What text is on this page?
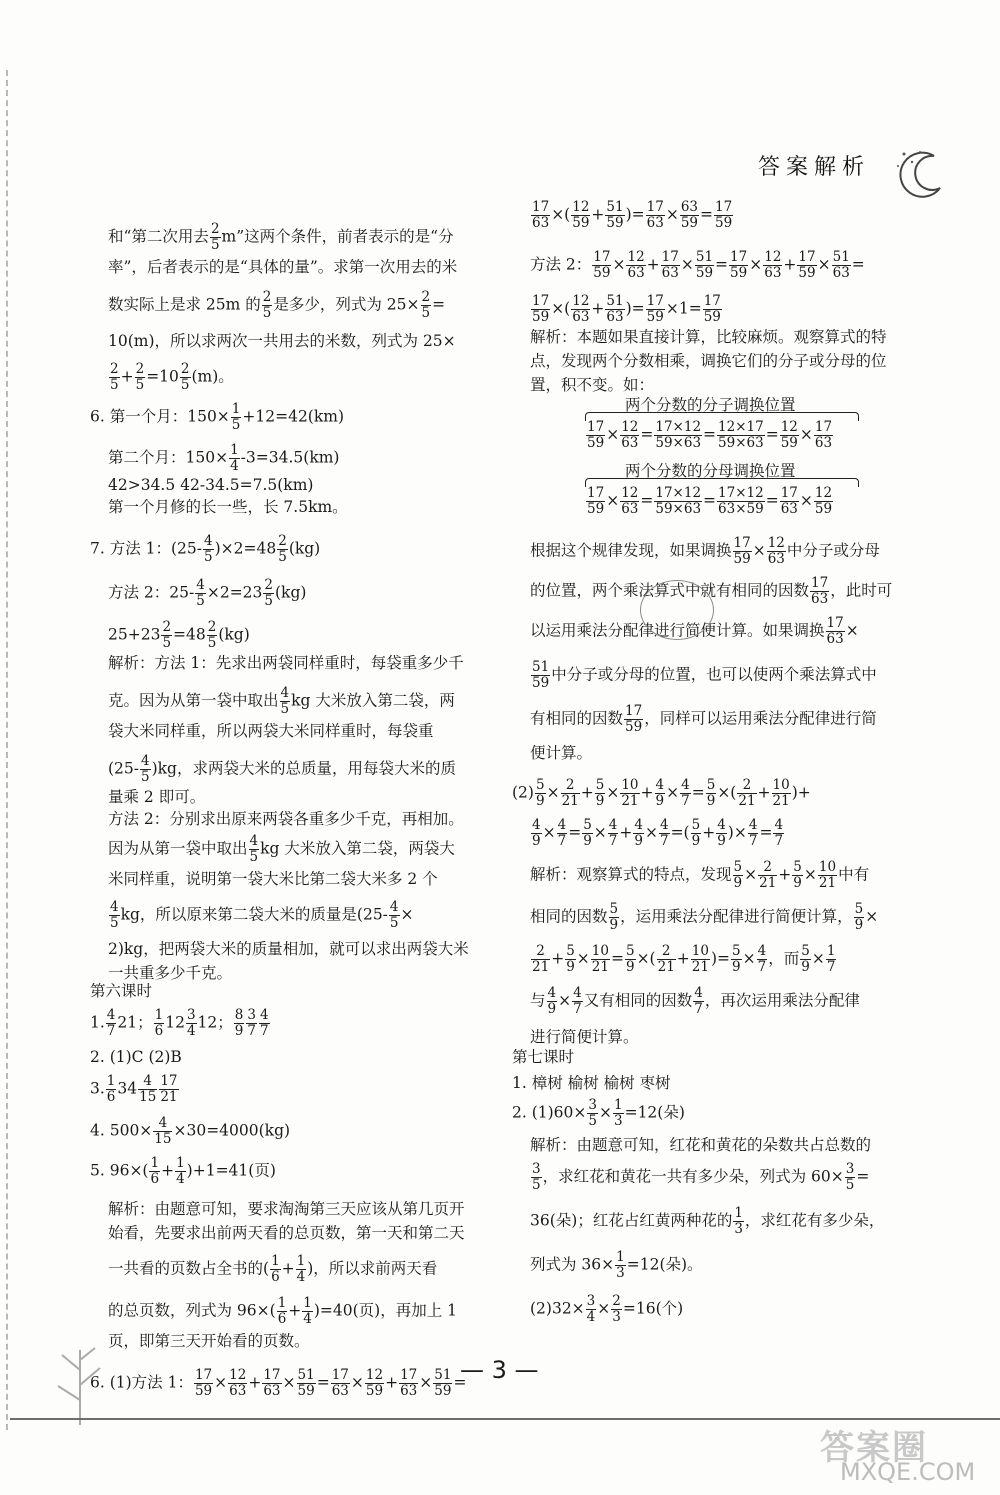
答案解析
和“第二次用去 $\frac{2}{5} m$”这两个条件，前者表示的是“分
率”，后者表示的是“具体的量”。求第一次用去的米
数实际上是求 25m 的 $\frac{2}{5}$ 是多少，列式为 $25\times \frac{2}{5}$ =
10(m)，所以求两次一共用去的米数，列式为 25×
$\frac{2}{5} + \frac{2}{5} =10 \frac{2}{5} (m)$。
6. 第一个月：$150\times \frac{1}{5} +12=42(km)$
第二个月：$150\times \frac{1}{4} -3=34.5(km)$
42>34.5 42-34.5=7.5(km)
第一个月修的长一些，长 7.5km。
7. 方法 1：$(25- \frac{4}{5} )\times 2=48 \frac{2}{5} (kg)$
方法 2：$25- \frac{4}{5} \times 2=23 \frac{2}{5} (kg)$
$25+23 \frac{2}{5} =48 \frac{2}{5} (kg)$
解析：方法 1：先求出两袋同样重时，每袋重多少千
克。因为从第一袋中取出 $\frac{4}{5}$ kg 大米放入第二袋，两
袋大米同样重，所以两袋大米同样重时，每袋重
$(25- \frac{4}{5} )kg$，求两袋大米的总质量，用每袋大米的质
量乘 2 即可。
方法 2：分别求出原来两袋各重多少千克，再相加。
因为从第一袋中取出 $\frac{4}{5}$ kg 大米放入第二袋，两袋大
米同样重，说明第一袋大米比第二袋大米多 2 个
$\frac{4}{5}$ kg，所以原来第二袋大米的质量是($25- \frac{4}{5}$ ×
2)kg，把两袋大米的质量相加，就可以求出两袋大米
一共重多少千克。
第六课时
1. $\frac{4}{7} 21$； $\frac{1}{6} 12 \frac{3}{4} 12$； $\frac{8}{9} \frac{3}{7} \frac{4}{7}$
2. (1)C (2)B
3. $\frac{1}{6} 34 \frac{4}{15} \frac{17}{21}$
4. $500\times \frac{4}{15} \times 30=4000(kg)$
5. $96\times( \frac{1}{6} + \frac{1}{4} )+1=41$(页)
解析：由题意可知，要求淘淘第三天应该从第几页开
始看，先要求出前两天看的总页数，第一天和第二天
一共看的页数占全书的( $\frac{1}{6} + \frac{1}{4}$ )，所以求前两天看
的总页数，列式为 $96\times( \frac{1}{6} + \frac{1}{4} )=40$(页)，再加上 1
页，即第三天开始看的页数。
6. (1)方法 1： $\frac{17}{59} \times \frac{12}{63} + \frac{17}{63} \times \frac{51}{59} = \frac{17}{63} \times \frac{12}{59} + \frac{17}{63} \times \frac{51}{59}$ =
$\frac{17}{63}$ ×( $\frac{12}{59} + \frac{51}{59}$ )= $\frac{17}{63} \times \frac{63}{59} = \frac{17}{59}$
方法 2： $\frac{17}{59} \times \frac{12}{63} + \frac{17}{63} \times \frac{51}{59} = \frac{17}{59} \times \frac{12}{63} + \frac{17}{59} \times \frac{51}{63}$ =
$\frac{17}{59}$ ×( $\frac{12}{63} + \frac{51}{63}$ )= $\frac{17}{59} \times 1= \frac{17}{59}$
解析：本题如果直接计算，比较麻烦。观察算式的特
点，发现两个分数相乘，调换它们的分子或分母的位
置，积不变。如：
两个分数的分子调换位置
$\frac{17}{59} \times \frac{12}{63} = \frac{17\times 12}{59\times 63} = \frac{12\times 17}{59\times 63} = \frac{12}{59} \times \frac{17}{63}$
两个分数的分母调换位置
$\frac{17}{59} \times \frac{12}{63} = \frac{17\times 12}{59\times 63} = \frac{17\times 12}{63\times 59} = \frac{17}{63} \times \frac{12}{59}$
根据这个规律发现，如果调换 $\frac{17}{59} \times \frac{12}{63}$ 中分子或分母
的位置，两个乘法算式中就有相同的因数 $\frac{17}{63}$ ，此时可
以运用乘法分配律进行简便计算。如果调换 $\frac{17}{63}$ ×
$\frac{51}{59}$ 中分子或分母的位置，也可以使两个乘法算式中
有相同的因数 $\frac{17}{59}$ ，同样可以运用乘法分配律进行简
便计算。
$(2) \frac{5}{9} \times \frac{2}{21} + \frac{5}{9} \times \frac{10}{21} + \frac{4}{9} \times \frac{4}{7} = \frac{5}{9}$ ×( $\frac{2}{21} + \frac{10}{21}$ )+
$\frac{4}{9} \times \frac{4}{7} = \frac{5}{9} \times \frac{4}{7} + \frac{4}{9} \times \frac{4}{7}$ =( $\frac{5}{9} + \frac{4}{9}$ )× $\frac{4}{7} = \frac{4}{7}$
解析：观察算式的特点，发现 $\frac{5}{9} \times \frac{2}{21} + \frac{5}{9} \times \frac{10}{21}$ 中有
相同的因数 $\frac{5}{9}$ ，运用乘法分配律进行简便计算， $\frac{5}{9}$ ×
$\frac{2}{21} + \frac{5}{9} \times \frac{10}{21} = \frac{5}{9}$ ×( $\frac{2}{21} + \frac{10}{21}$ )= $\frac{5}{9} \times \frac{4}{7}$ ，而 $\frac{5}{9} \times \frac{1}{7}$
与 $\frac{4}{9} \times \frac{4}{7}$ 又有相同的因数 $\frac{4}{7}$ ，再次运用乘法分配律
进行简便计算。
第七课时
1. 樟树 榆树 榆树 枣树
2. $(1)60\times \frac{3}{5} \times \frac{1}{3} =12$(朵)
解析：由题意可知，红花和黄花的朵数共占总数的
$\frac{3}{5}$ ，求红花和黄花一共有多少朵，列式为 $60\times \frac{3}{5}$ =
36(朵)；红花占红黄两种花的 $\frac{1}{3}$ ，求红花有多少朵，
列式为 $36\times \frac{1}{3} =12$(朵)。
$(2)32\times \frac{3}{4} \times \frac{2}{3} =16$(个)
— 3 —
答案圈
MXQE.COM
